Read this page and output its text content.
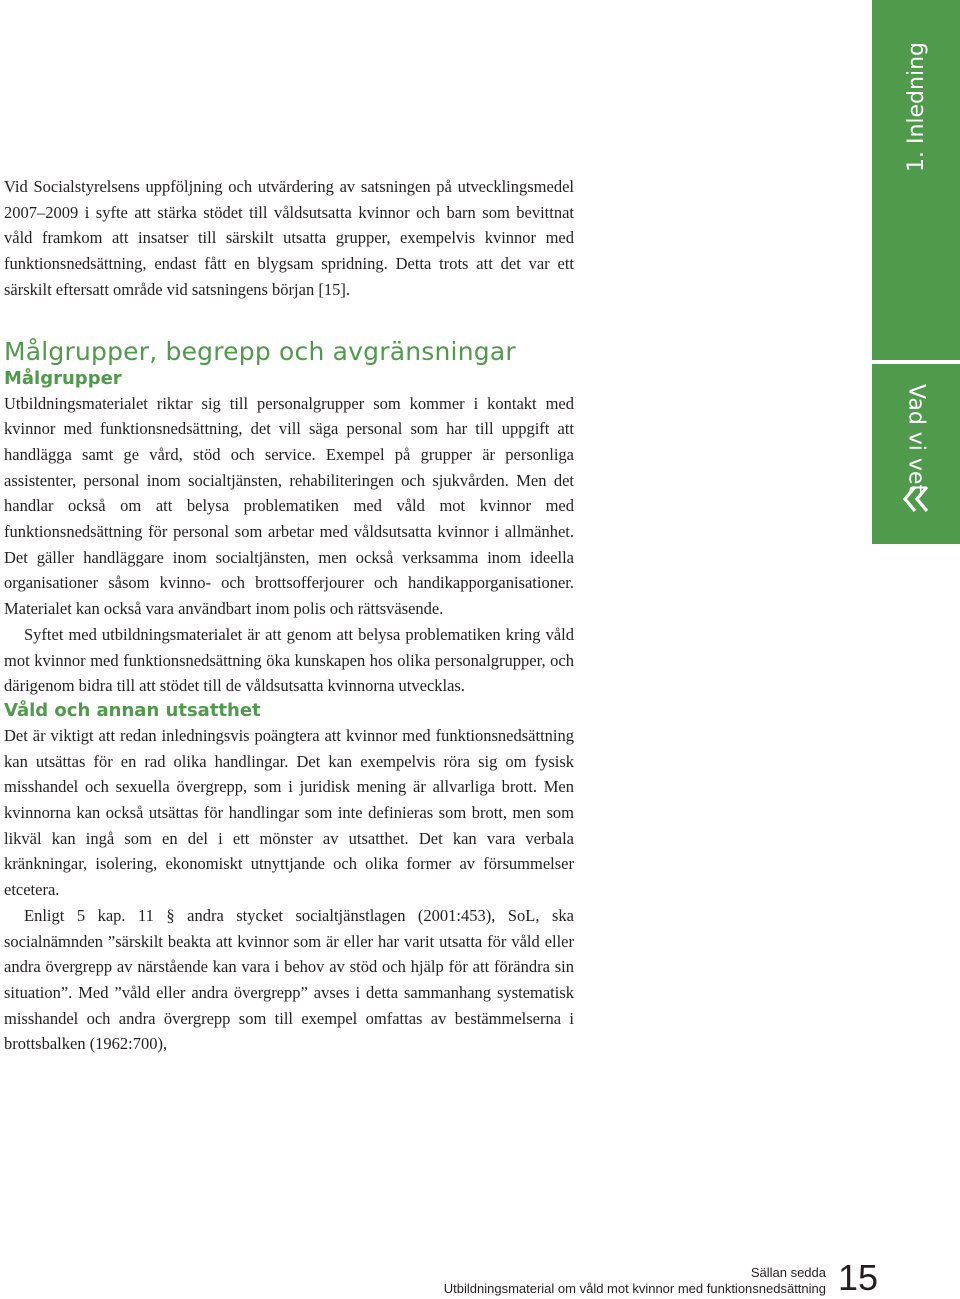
1. Inledning
Vad vi vet

Vid Socialstyrelsens uppföljning och utvärdering av satsningen på utvecklingsmedel 2007–2009 i syfte att stärka stödet till våldsutsatta kvinnor och barn som bevittnat våld framkom att insatser till särskilt utsatta grupper, exempelvis kvinnor med funktionsnedsättning, endast fått en blygsam spridning. Detta trots att det var ett särskilt eftersatt område vid satsningens början [15].

Målgrupper, begrepp och avgränsningar
Målgrupper

Utbildningsmaterialet riktar sig till personalgrupper som kommer i kontakt med kvinnor med funktionsnedsättning, det vill säga personal som har till uppgift att handlägga samt ge vård, stöd och service. Exempel på grupper är personliga assistenter, personal inom socialtjänsten, rehabiliteringen och sjukvården. Men det handlar också om att belysa problematiken med våld mot kvinnor med funktionsnedsättning för personal som arbetar med våldsutsatta kvinnor i allmänhet. Det gäller handläggare inom socialtjänsten, men också verksamma inom ideella organisationer såsom kvinno- och brottsofferjourer och handikapporganisationer. Materialet kan också vara användbart inom polis och rättsväsende.

Syftet med utbildningsmaterialet är att genom att belysa problematiken kring våld mot kvinnor med funktionsnedsättning öka kunskapen hos olika personalgrupper, och därigenom bidra till att stödet till de våldsutsatta kvinnorna utvecklas.

Våld och annan utsatthet

Det är viktigt att redan inledningsvis poängtera att kvinnor med funktionsnedsättning kan utsättas för en rad olika handlingar. Det kan exempelvis röra sig om fysisk misshandel och sexuella övergrepp, som i juridisk mening är allvarliga brott. Men kvinnorna kan också utsättas för handlingar som inte definieras som brott, men som likväl kan ingå som en del i ett mönster av utsatthet. Det kan vara verbala kränkningar, isolering, ekonomiskt utnyttjande och olika former av försummelser etcetera.

Enligt 5 kap. 11 § andra stycket socialtjänstlagen (2001:453), SoL, ska socialnämnden ”särskilt beakta att kvinnor som är eller har varit utsatta för våld eller andra övergrepp av närstående kan vara i behov av stöd och hjälp för att förändra sin situation”. Med ”våld eller andra övergrepp” avses i detta sammanhang systematisk misshandel och andra övergrepp som till exempel omfattas av bestämmelserna i brottsbalken (1962:700),

Sällan sedda
Utbildningsmaterial om våld mot kvinnor med funktionsnedsättning 15
